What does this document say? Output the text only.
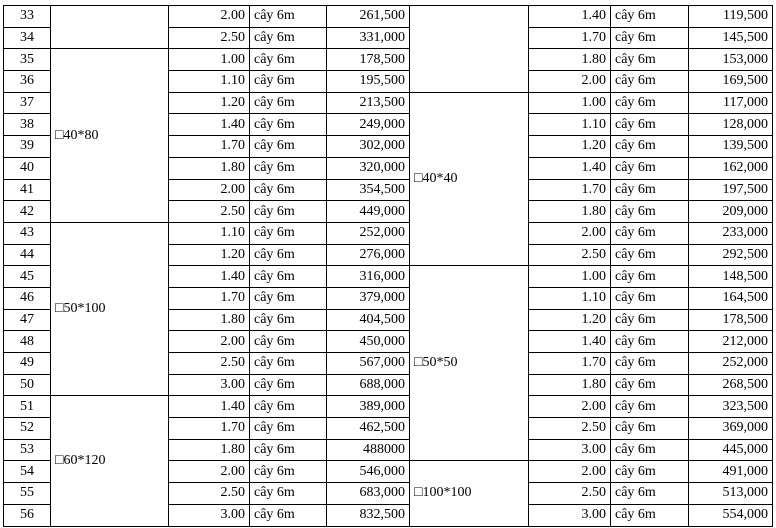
33		2.00	cây 6m	261,500		1.40	cây 6m	119,500
34		2.50	cây 6m	331,000		1.70	cây 6m	145,500
35	□40*80	1.00	cây 6m	178,500		1.80	cây 6m	153,000
36		1.10	cây 6m	195,500		2.00	cây 6m	169,500
37		1.20	cây 6m	213,500	□40*40	1.00	cây 6m	117,000
38		1.40	cây 6m	249,000		1.10	cây 6m	128,000
39		1.70	cây 6m	302,000		1.20	cây 6m	139,500
40		1.80	cây 6m	320,000		1.40	cây 6m	162,000
41		2.00	cây 6m	354,500		1.70	cây 6m	197,500
42		2.50	cây 6m	449,000		1.80	cây 6m	209,000
43	□50*100	1.10	cây 6m	252,000		2.00	cây 6m	233,000
44		1.20	cây 6m	276,000		2.50	cây 6m	292,500
45		1.40	cây 6m	316,000	□50*50	1.00	cây 6m	148,500
46		1.70	cây 6m	379,000		1.10	cây 6m	164,500
47		1.80	cây 6m	404,500		1.20	cây 6m	178,500
48		2.00	cây 6m	450,000		1.40	cây 6m	212,000
49		2.50	cây 6m	567,000		1.70	cây 6m	252,000
50		3.00	cây 6m	688,000		1.80	cây 6m	268,500
51	□60*120	1.40	cây 6m	389,000		2.00	cây 6m	323,500
52		1.70	cây 6m	462,500		2.50	cây 6m	369,000
53		1.80	cây 6m	488000		3.00	cây 6m	445,000
54		2.00	cây 6m	546,000	□100*100	2.00	cây 6m	491,000
55		2.50	cây 6m	683,000		2.50	cây 6m	513,000
56		3.00	cây 6m	832,500		3.00	cây 6m	554,000
